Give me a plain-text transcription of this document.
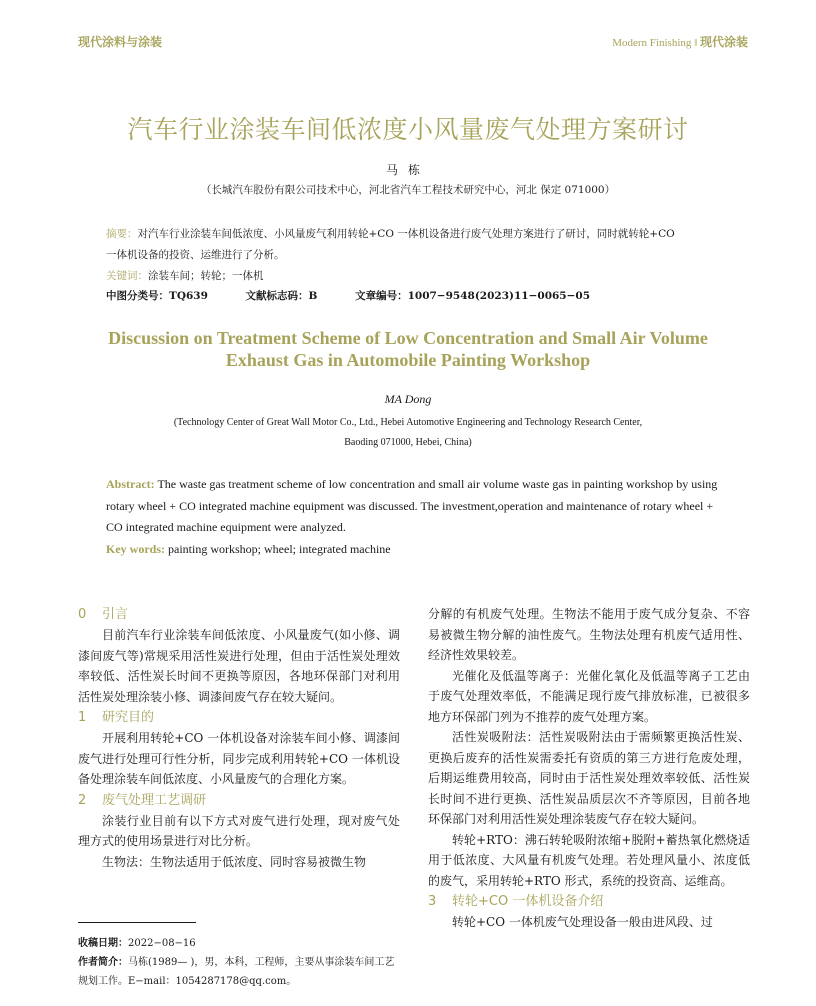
现代涂料与涂装	Modern Finishing ‖ 现代涂装
汽车行业涂装车间低浓度小风量废气处理方案研讨
马栋
（长城汽车股份有限公司技术中心，河北省汽车工程技术研究中心，河北 保定 071000）

摘要：对汽车行业涂装车间低浓度、小风量废气利用转轮+CO 一体机设备进行废气处理方案进行了研讨，同时就转轮+CO

一体机设备的投资、运维进行了分析。

关键词：涂装车间；转轮；一体机

中图分类号：TQ639	文献标志码：B	文章编号：1007−9548(2023)11−0065−05
Discussion on Treatment Scheme of Low Concentration and Small Air Volume
Exhaust Gas in Automobile Painting Workshop
MA Dong
(Technology Center of Great Wall Motor Co., Ltd., Hebei Automotive Engineering and Technology Research Center,
Baoding 071000, Hebei, China)

Abstract: The waste gas treatment scheme of low concentration and small air volume waste gas in painting workshop by using rotary wheel + CO integrated machine equipment was discussed. The investment,operation and maintenance of rotary wheel + CO integrated machine equipment were analyzed.

Key words: painting workshop; wheel; integrated machine

0 引言

目前汽车行业涂装车间低浓度、小风量废气(如小修、调漆间废气等)常规采用活性炭进行处理，但由于活性炭处理效率较低、活性炭长时间不更换等原因，各地环保部门对利用活性炭处理涂装小修、调漆间废气存在较大疑问。

1 研究目的

开展利用转轮+CO 一体机设备对涂装车间小修、调漆间废气进行处理可行性分析，同步完成利用转轮+CO 一体机设备处理涂装车间低浓度、小风量废气的合理化方案。

2 废气处理工艺调研

涂装行业目前有以下方式对废气进行处理，现对废气处理方式的使用场景进行对比分析。

生物法：生物法适用于低浓度、同时容易被微生物

收稿日期：2022−08−16

作者简介：马栋(1989— )，男，本科，工程师，主要从事涂装车间工艺规划工作。E−mail：1054287178@qq.com。

分解的有机废气处理。生物法不能用于废气成分复杂、不容易被微生物分解的油性废气。生物法处理有机废气适用性、经济性效果较差。

光催化及低温等离子：光催化氧化及低温等离子工艺由于废气处理效率低，不能满足现行废气排放标准，已被很多地方环保部门列为不推荐的废气处理方案。

活性炭吸附法：活性炭吸附法由于需频繁更换活性炭、更换后废弃的活性炭需委托有资质的第三方进行危废处理，后期运维费用较高，同时由于活性炭处理效率较低、活性炭长时间不进行更换、活性炭品质层次不齐等原因，目前各地环保部门对利用活性炭处理涂装废气存在较大疑问。

转轮+RTO：沸石转轮吸附浓缩+脱附+蓄热氧化燃烧适用于低浓度、大风量有机废气处理。若处理风量小、浓度低的废气，采用转轮+RTO 形式，系统的投资高、运维高。

3 转轮+CO 一体机设备介绍

转轮+CO 一体机废气处理设备一般由进风段、过
